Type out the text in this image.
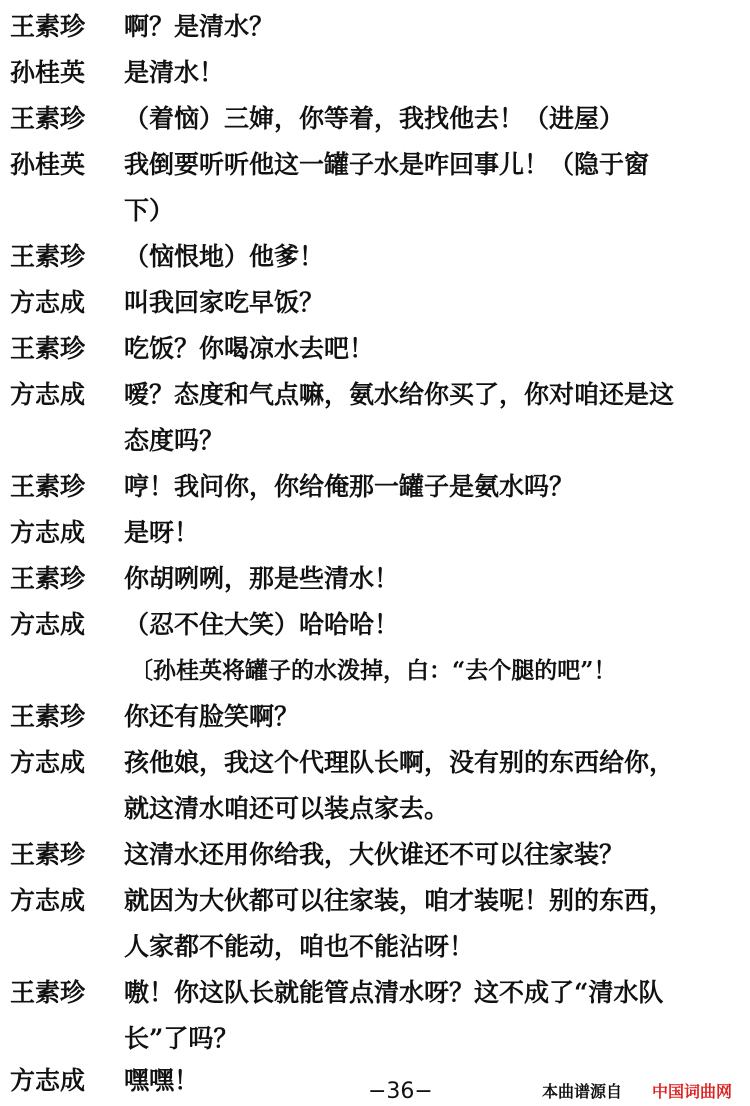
王素珍 啊？是清水？
孙桂英 是清水！
王素珍 （着恼）三婶，你等着，我找他去！（进屋）
孙桂英 我倒要听听他这一罐子水是咋回事儿！（隐于窗
下）
王素珍 （恼恨地）他爹！
方志成 叫我回家吃早饭？
王素珍 吃饭？你喝凉水去吧！
方志成 嗳？态度和气点嘛，氨水给你买了，你对咱还是这
态度吗？
王素珍 哼！我问你，你给俺那一罐子是氨水吗？
方志成 是呀！
王素珍 你胡咧咧，那是些清水！
方志成 （忍不住大笑）哈哈哈！
〔孙桂英将罐子的水泼掉，白：“去个腿的吧”！
王素珍 你还有脸笑啊？
方志成 孩他娘，我这个代理队长啊，没有别的东西给你，
就这清水咱还可以装点家去。
王素珍 这清水还用你给我，大伙谁还不可以往家装？
方志成 就因为大伙都可以往家装，咱才装呢！别的东西，
人家都不能动，咱也不能沾呀！
王素珍 嗷！你这队长就能管点清水呀？这不成了“清水队
长”了吗？
方志成 嘿嘿！	−36−	本曲谱源自 中国词曲网
